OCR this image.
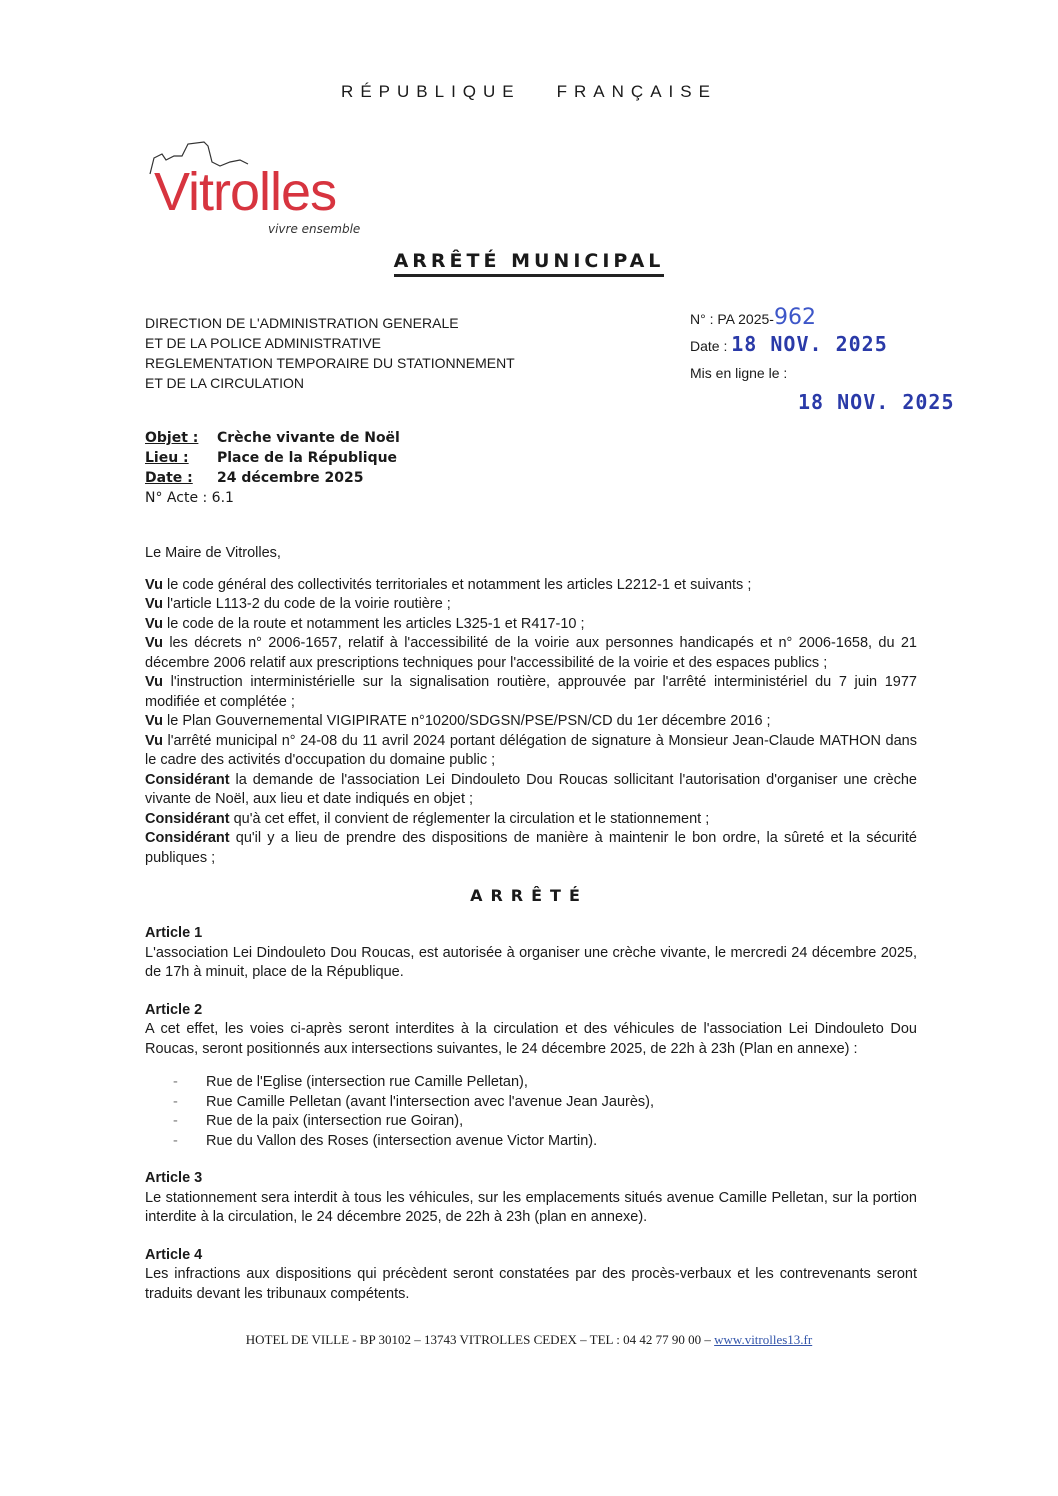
RÉPUBLIQUE FRANÇAISE
Vitrolles
vivre ensemble
ARRÊTÉ MUNICIPAL
DIRECTION DE L'ADMINISTRATION GENERALE
ET DE LA POLICE ADMINISTRATIVE
REGLEMENTATION TEMPORAIRE DU STATIONNEMENT
ET DE LA CIRCULATION
N° : PA 2025-962
Date : 18 NOV. 2025
Mis en ligne le :
18 NOV. 2025
Objet : Crèche vivante de Noël
Lieu : Place de la République
Date : 24 décembre 2025
N° Acte : 6.1
Le Maire de Vitrolles,

Vu le code général des collectivités territoriales et notamment les articles L2212-1 et suivants ;

Vu l'article L113-2 du code de la voirie routière ;

Vu le code de la route et notamment les articles L325-1 et R417-10 ;

Vu les décrets n° 2006-1657, relatif à l'accessibilité de la voirie aux personnes handicapés et n° 2006-1658, du 21 décembre 2006 relatif aux prescriptions techniques pour l'accessibilité de la voirie et des espaces publics ;

Vu l'instruction interministérielle sur la signalisation routière, approuvée par l'arrêté interministériel du 7 juin 1977 modifiée et complétée ;

Vu le Plan Gouvernemental VIGIPIRATE n°10200/SDGSN/PSE/PSN/CD du 1er décembre 2016 ;

Vu l'arrêté municipal n° 24-08 du 11 avril 2024 portant délégation de signature à Monsieur Jean-Claude MATHON dans le cadre des activités d'occupation du domaine public ;

Considérant la demande de l'association Lei Dindouleto Dou Roucas sollicitant l'autorisation d'organiser une crèche vivante de Noël, aux lieu et date indiqués en objet ;

Considérant qu'à cet effet, il convient de réglementer la circulation et le stationnement ;

Considérant qu'il y a lieu de prendre des dispositions de manière à maintenir le bon ordre, la sûreté et la sécurité publiques ;

ARRÊTÉ
Article 1

L'association Lei Dindouleto Dou Roucas, est autorisée à organiser une crèche vivante, le mercredi 24 décembre 2025, de 17h à minuit, place de la République.

Article 2

A cet effet, les voies ci-après seront interdites à la circulation et des véhicules de l'association Lei Dindouleto Dou Roucas, seront positionnés aux intersections suivantes, le 24 décembre 2025, de 22h à 23h (Plan en annexe) :

- Rue de l'Eglise (intersection rue Camille Pelletan),
- Rue Camille Pelletan (avant l'intersection avec l'avenue Jean Jaurès),
- Rue de la paix (intersection rue Goiran),
- Rue du Vallon des Roses (intersection avenue Victor Martin).
Article 3

Le stationnement sera interdit à tous les véhicules, sur les emplacements situés avenue Camille Pelletan, sur la portion interdite à la circulation, le 24 décembre 2025, de 22h à 23h (plan en annexe).

Article 4

Les infractions aux dispositions qui précèdent seront constatées par des procès-verbaux et les contrevenants seront traduits devant les tribunaux compétents.

HOTEL DE VILLE - BP 30102 – 13743 VITROLLES CEDEX – TEL : 04 42 77 90 00 – www.vitrolles13.fr
